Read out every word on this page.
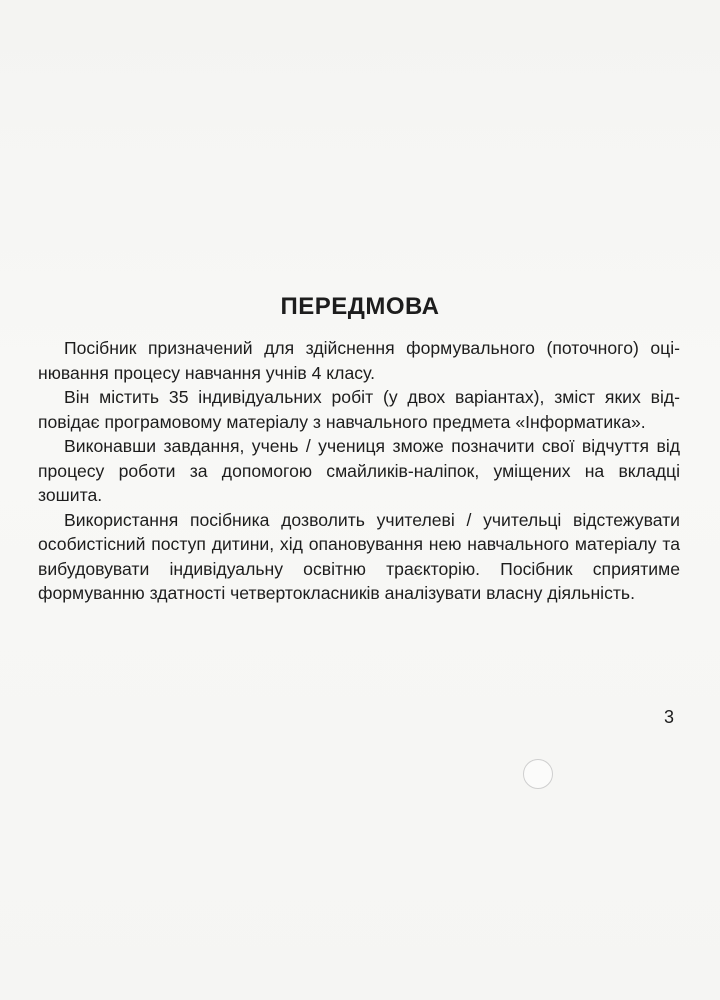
ПЕРЕДМОВА

Посібник призначений для здійснення формувального (поточного) оцінювання процесу навчання учнів 4 класу.

Він містить 35 індивідуальних робіт (у двох варіантах), зміст яких відповідає програмовому матеріалу з навчального предмета «Інформатика».

Виконавши завдання, учень / учениця зможе позначити свої відчуття від процесу роботи за допомогою смайликів-наліпок, уміщених на вкладці зошита.

Використання посібника дозволить учителеві / учительці відстежувати особистісний поступ дитини, хід опановування нею навчального матеріалу та вибудовувати індивідуальну освітню траєкторію. Посібник сприятиме формуванню здатності четвертокласників аналізувати власну діяльність.

3
